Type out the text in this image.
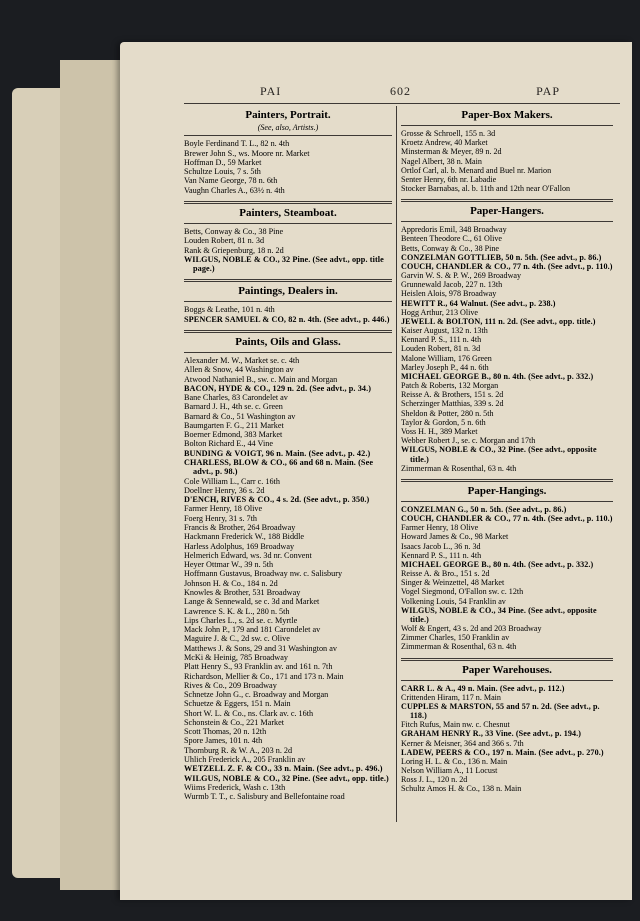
PAI	602	PAP
Painters, Portrait.
(See, also, Artists.)
Boyle Ferdinand T. L., 82 n. 4th
Brewer John S., ws. Moore nr. Market
Hoffman D., 59 Market
Schultze Louis, 7 s. 5th
Van Name George, 78 n. 6th
Vaughn Charles A., 63½ n. 4th
Painters, Steamboat.
Betts, Conway & Co., 38 Pine
Louden Robert, 81 n. 3d
Rank & Griepenburg, 18 n. 2d
WILGUS, NOBLE & CO., 32 Pine. (See advt., opp. title page.)
Paintings, Dealers in.
Boggs & Leathe, 101 n. 4th
SPENCER SAMUEL & CO, 82 n. 4th. (See advt., p. 446.)
Paints, Oils and Glass.
Alexander M. W., Market se. c. 4th
Allen & Snow, 44 Washington av
Atwood Nathaniel B., sw. c. Main and Morgan
BACON, HYDE & CO., 129 n. 2d. (See advt., p. 34.)
Bane Charles, 83 Carondelet av
Barnard J. H., 4th se. c. Green
Barnard & Co., 51 Washington av
Baumgarten F. G., 211 Market
Boerner Edmond, 383 Market
Bolton Richard E., 44 Vine
BUNDING & VOIGT, 96 n. Main. (See advt., p. 42.)
CHARLESS, BLOW & CO., 66 and 68 n. Main. (See advt., p. 98.)
Cole William L., Carr c. 16th
Doellner Henry, 36 s. 2d
D'ENCH, RIVES & CO., 4 s. 2d. (See advt., p. 350.)
Farmer Henry, 18 Olive
Foerg Henry, 31 s. 7th
Francis & Brother, 264 Broadway
Hackmann Frederick W., 188 Biddle
Harless Adolphus, 169 Broadway
Helmerich Edward, ws. 3d nr. Convent
Heyer Ottmar W., 39 n. 5th
Hoffmann Gustavus, Broadway nw. c. Salisbury
Johnson H. & Co., 184 n. 2d
Knowles & Brother, 531 Broadway
Lange & Sennewald, se c. 3d and Market
Lawrence S. K. & L., 280 n. 5th
Lips Charles L., s. 2d se. c. Myrtle
Mack John P., 179 and 181 Carondelet av
Maguire J. & C., 2d sw. c. Olive
Matthews J. & Sons, 29 and 31 Washington av
McKi & Heinig, 785 Broadway
Platt Henry S., 93 Franklin av. and 161 n. 7th
Richardson, Mellier & Co., 171 and 173 n. Main
Rives & Co., 209 Broadway
Schnetze John G., c. Broadway and Morgan
Schuetze & Eggers, 151 n. Main
Short W. L. & Co., ns. Clark av. c. 16th
Schonstein & Co., 221 Market
Scott Thomas, 20 n. 12th
Spore James, 101 n. 4th
Thornburg R. & W. A., 203 n. 2d
Uhlich Frederick A., 205 Franklin av
WETZELL Z. F. & CO., 33 n. Main. (See advt., p. 496.)
WILGUS, NOBLE & CO., 32 Pine. (See advt., opp. title.)
Wiims Frederick, Wash c. 13th
Wurmb T. T., c. Salisbury and Bellefontaine road
Paper-Box Makers.
Grosse & Schroell, 155 n. 3d
Kroetz Andrew, 40 Market
Minsterman & Meyer, 89 n. 2d
Nagel Albert, 38 n. Main
Ortlof Carl, al. b. Menard and Buel nr. Marion
Senter Henry, 6th nr. Labadie
Stocker Barnabas, al. b. 11th and 12th near O'Fallon
Paper-Hangers.
Appredoris Emil, 348 Broadway
Benteen Theodore C., 61 Olive
Betts, Conway & Co., 38 Pine
CONZELMAN GOTTLIEB, 50 n. 5th. (See advt., p. 86.)
COUCH, CHANDLER & CO., 77 n. 4th. (See advt., p. 110.)
Garvin W. S. & P. W., 269 Broadway
Grunnewald Jacob, 227 n. 13th
Heislen Alois, 978 Broadway
HEWITT R., 64 Walnut. (See advt., p. 238.)
Hogg Arthur, 213 Olive
JEWELL & BOLTON, 111 n. 2d. (See advt., opp. title.)
Kaiser August, 132 n. 13th
Kennard P. S., 111 n. 4th
Louden Robert, 81 n. 3d
Malone William, 176 Green
Marley Joseph P., 44 n. 6th
MICHAEL GEORGE B., 80 n. 4th. (See advt., p. 332.)
Patch & Roberts, 132 Morgan
Reisse A. & Brothers, 151 s. 2d
Scherzinger Matthias, 339 s. 2d
Sheldon & Potter, 280 n. 5th
Taylor & Gordon, 5 n. 6th
Voss H. H., 389 Market
Webber Robert J., se. c. Morgan and 17th
WILGUS, NOBLE & CO., 32 Pine. (See advt., opposite title.)
Zimmerman & Rosenthal, 63 n. 4th
Paper-Hangings.
CONZELMAN G., 50 n. 5th. (See advt., p. 86.)
COUCH, CHANDLER & CO., 77 n. 4th. (See advt., p. 110.)
Farmer Henry, 18 Olive
Howard James & Co., 98 Market
Isaacs Jacob L., 36 n. 3d
Kennard P. S., 111 n. 4th
MICHAEL GEORGE B., 80 n. 4th. (See advt., p. 332.)
Reisse A. & Bro., 151 s. 2d
Singer & Weinzettel, 48 Market
Vogel Siegmond, O'Fallon sw. c. 12th
Volkening Louis, 54 Franklin av
WILGUS, NOBLE & CO., 34 Pine. (See advt., opposite title.)
Wolf & Engert, 43 s. 2d and 203 Broadway
Zimmer Charles, 150 Franklin av
Zimmerman & Rosenthal, 63 n. 4th
Paper Warehouses.
CARR L. & A., 49 n. Main. (See advt., p. 112.)
Crittenden Hiram, 117 n. Main
CUPPLES & MARSTON, 55 and 57 n. 2d. (See advt., p. 118.)
Fitch Rufus, Main nw. c. Chesnut
GRAHAM HENRY R., 33 Vine. (See advt., p. 194.)
Kerner & Meisner, 364 and 366 s. 7th
LADEW, PEERS & CO., 197 n. Main. (See advt., p. 270.)
Loring H. L. & Co., 136 n. Main
Nelson William A., 11 Locust
Ross J. L., 120 n. 2d
Schultz Amos H. & Co., 138 n. Main
